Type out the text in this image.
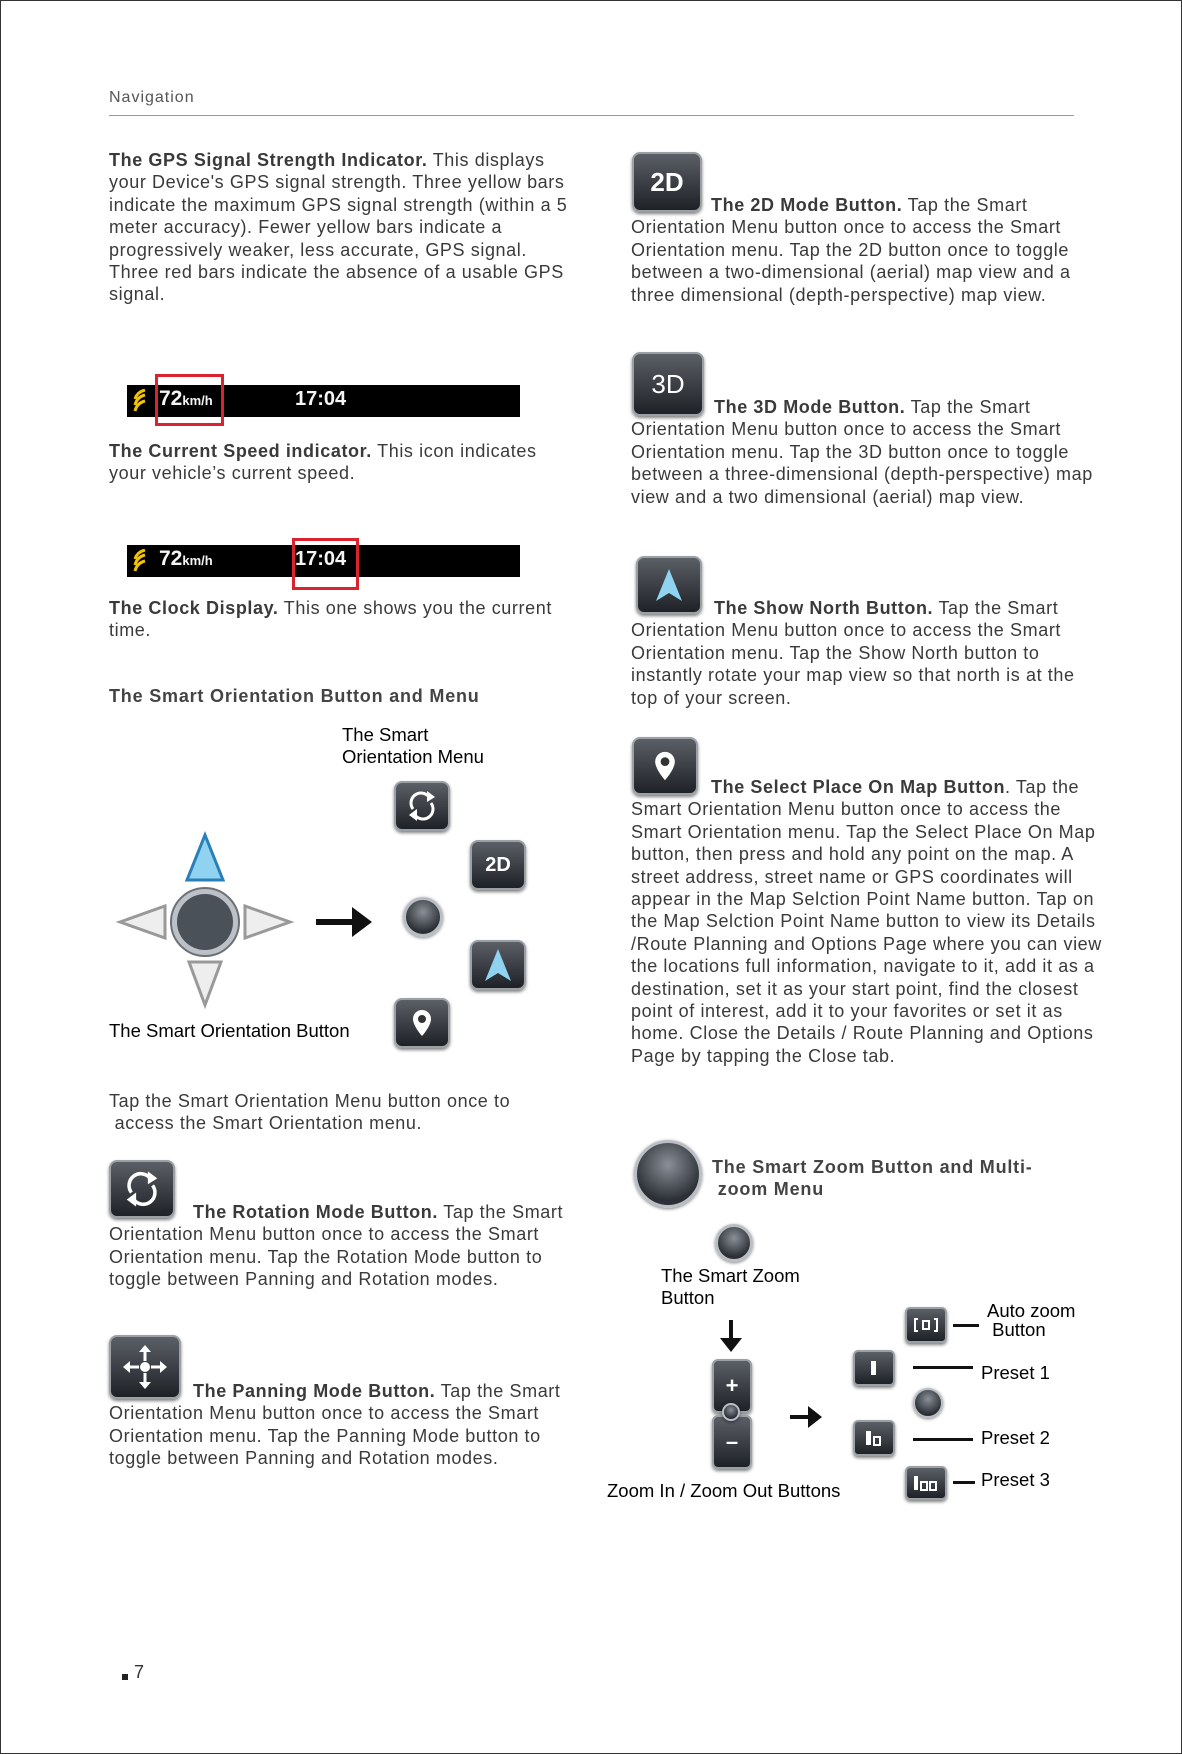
Navigation
The GPS Signal Strength Indicator. This displays your Device's GPS signal strength. Three yellow bars indicate the maximum GPS signal strength (within a 5 meter accuracy). Fewer yellow bars indicate a progressively weaker, less accurate, GPS signal. Three red bars indicate the absence of a usable GPS signal.
72km/h	17:04
The Current Speed indicator. This icon indicates your vehicle’s current speed.
72km/h	17:04
The Clock Display. This one shows you the current time.
The Smart Orientation Button and Menu
The Smart
Orientation Menu
2D
The Smart Orientation Button
Tap the Smart Orientation Menu button once to
access the Smart Orientation menu.
The Rotation Mode Button. Tap the Smart Orientation Menu button once to access the Smart Orientation menu. Tap the Rotation Mode button to toggle between Panning and Rotation modes.
The Panning Mode Button. Tap the Smart Orientation Menu button once to access the Smart Orientation menu. Tap the Panning Mode button to toggle between Panning and Rotation modes.
2D
The 2D Mode Button. Tap the Smart Orientation Menu button once to access the Smart Orientation menu. Tap the 2D button once to toggle between a two-dimensional (aerial) map view and a three dimensional (depth-perspective) map view.
3D
The 3D Mode Button. Tap the Smart Orientation Menu button once to access the Smart Orientation menu. Tap the 3D button once to toggle between a three-dimensional (depth-perspective) map view and a two dimensional (aerial) map view.
The Show North Button. Tap the Smart Orientation Menu button once to access the Smart Orientation menu. Tap the Show North button to instantly rotate your map view so that north is at the top of your screen.
The Select Place On Map Button. Tap the Smart Orientation Menu button once to access the Smart Orientation menu. Tap the Select Place On Map button, then press and hold any point on the map. A street address, street name or GPS coordinates will appear in the Map Selction Point Name button. Tap on the Map Selction Point Name button to view its Details /Route Planning and Options Page where you can view the locations full information, navigate to it, add it as a destination, set it as your start point, find the closest point of interest, add it to your favorites or set it as home. Close the Details / Route Planning and Options Page by tapping the Close tab.
The Smart Zoom Button and Multi-
zoom Menu
The Smart Zoom
Button
+
–
Zoom In / Zoom Out Buttons
Auto zoom
Button
Preset 1
Preset 2
Preset 3
7
